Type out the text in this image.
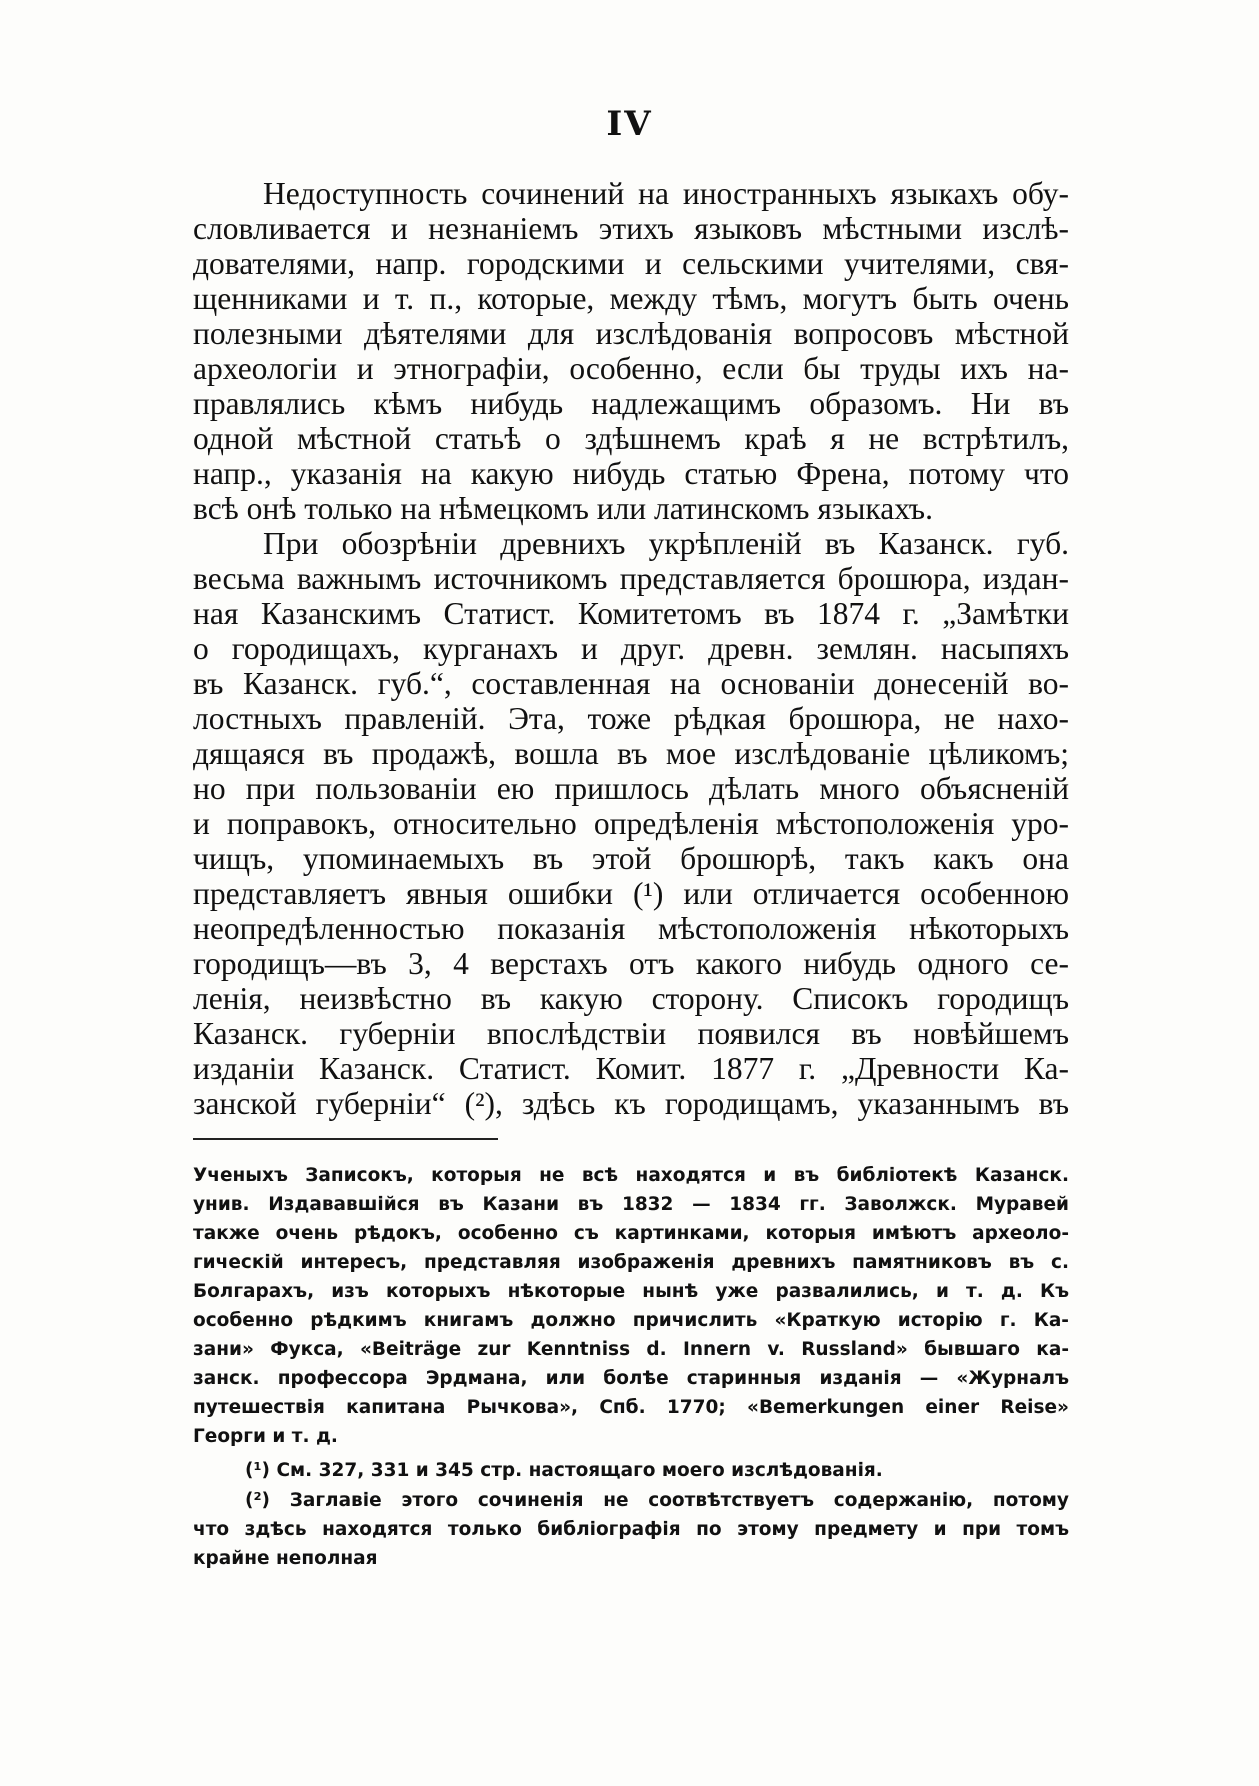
IV
Недоступность сочинений на иностранныхъ языкахъ обу-
словливается и незнаніемъ этихъ языковъ мѣстными изслѣ-
дователями, напр. городскими и сельскими учителями, свя-
щенниками и т. п., которые, между тѣмъ, могутъ быть очень
полезными дѣятелями для изслѣдованія вопросовъ мѣстной
археологіи и этнографіи, особенно, если бы труды ихъ на-
правлялись кѣмъ нибудь надлежащимъ образомъ. Ни въ
одной мѣстной статьѣ о здѣшнемъ краѣ я не встрѣтилъ,
напр., указанія на какую нибудь статью Френа, потому что
всѣ онѣ только на нѣмецкомъ или латинскомъ языкахъ.
При обозрѣніи древнихъ укрѣпленій въ Казанск. губ.
весьма важнымъ источникомъ представляется брошюра, издан-
ная Казанскимъ Статист. Комитетомъ въ 1874 г. „Замѣтки
о городищахъ, курганахъ и друг. древн. землян. насыпяхъ
въ Казанск. губ.“, составленная на основаніи донесеній во-
лостныхъ правленій. Эта, тоже рѣдкая брошюра, не нахо-
дящаяся въ продажѣ, вошла въ мое изслѣдованіе цѣликомъ;
но при пользованіи ею пришлось дѣлать много объясненій
и поправокъ, относительно опредѣленія мѣстоположенія уро-
чищъ, упоминаемыхъ въ этой брошюрѣ, такъ какъ она
представляетъ явныя ошибки (¹) или отличается особенною
неопредѣленностью показанія мѣстоположенія нѣкоторыхъ
городищъ—въ 3, 4 верстахъ отъ какого нибудь одного се-
ленія, неизвѣстно въ какую сторону. Списокъ городищъ
Казанск. губерніи впослѣдствіи появился въ новѣйшемъ
изданіи Казанск. Статист. Комит. 1877 г. „Древности Ка-
занской губерніи“ (²), здѣсь къ городищамъ, указаннымъ въ
Ученыхъ Записокъ, которыя не всѣ находятся и въ библіотекѣ Казанск.
унив. Издававшійся въ Казани въ 1832 — 1834 гг. Заволжск. Муравей
также очень рѣдокъ, особенно съ картинками, которыя имѣютъ археоло-
гическій интересъ, представляя изображенія древнихъ памятниковъ въ с.
Болгарахъ, изъ которыхъ нѣкоторые нынѣ уже развалились, и т. д. Къ
особенно рѣдкимъ книгамъ должно причислить «Краткую исторію г. Ка-
зани» Фукса, «Beiträge zur Kenntniss d. Innern v. Russland» бывшаго ка-
занск. профессора Эрдмана, или болѣе старинныя изданія — «Журналъ
путешествія капитана Рычкова», Спб. 1770; «Bemerkungen einer Reise»
Георги и т. д.
(¹) См. 327, 331 и 345 стр. настоящаго моего изслѣдованія.
(²) Заглавіе этого сочиненія не соотвѣтствуетъ содержанію, потому
что здѣсь находятся только библіографія по этому предмету и при томъ
крайне неполная
